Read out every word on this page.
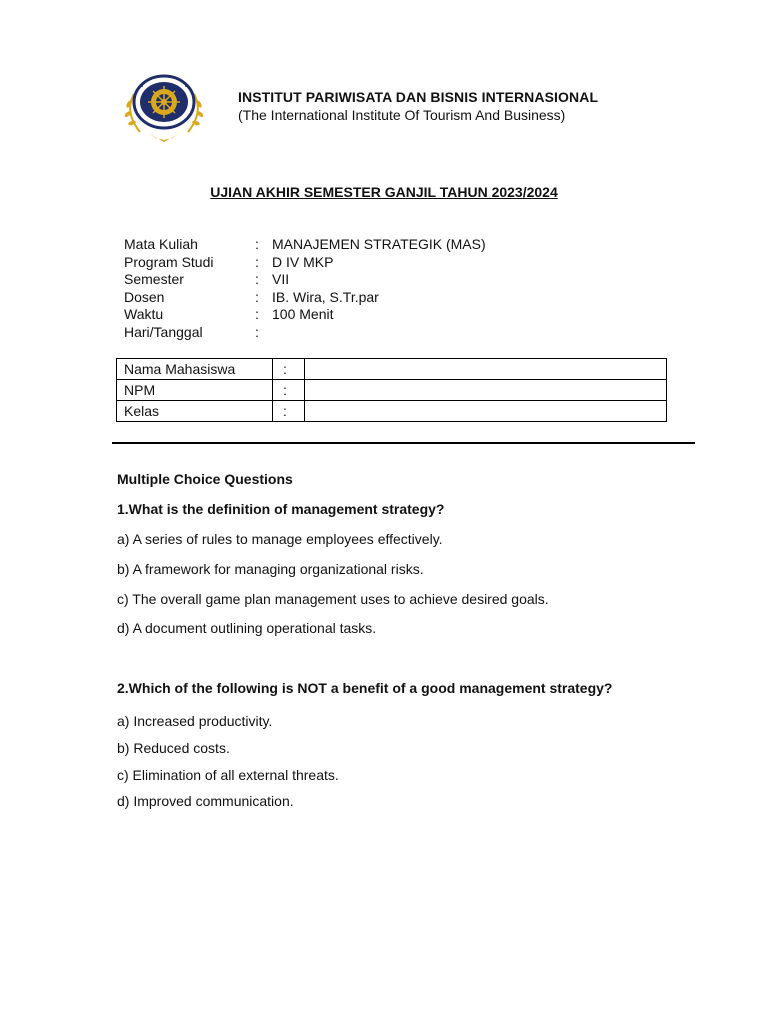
INSTITUT PARIWISATA DAN BISNIS INTERNASIONAL
(The International Institute Of Tourism And Business)
UJIAN AKHIR SEMESTER GANJIL TAHUN 2023/2024
Mata Kuliah	: MANAJEMEN STRATEGIK (MAS)
Program Studi	: D IV MKP
Semester	: VII
Dosen	: IB. Wira, S.Tr.par
Waktu	: 100 Menit
Hari/Tanggal	:
Nama Mahasiswa	:	
NPM	:	
Kelas	:	
Multiple Choice Questions
1.What is the definition of management strategy?
a) A series of rules to manage employees effectively.
b) A framework for managing organizational risks.
c) The overall game plan management uses to achieve desired goals.
d) A document outlining operational tasks.
2.Which of the following is NOT a benefit of a good management strategy?
a) Increased productivity.
b) Reduced costs.
c) Elimination of all external threats.
d) Improved communication.
